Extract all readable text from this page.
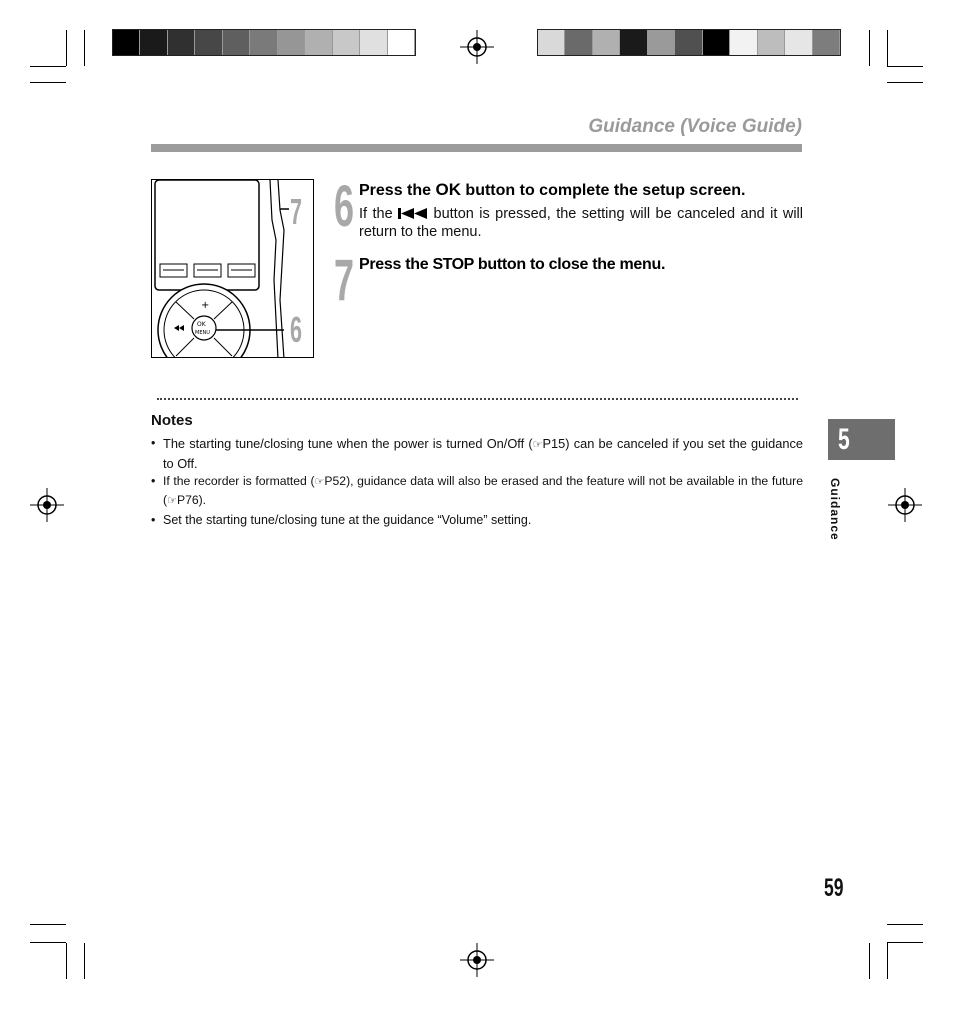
Guidance (Voice Guide)
+
OK
MENU
7
6
6 Press the OK button to complete the setup screen.
If the  button is pressed, the setting will be canceled and it will return to the menu.
7 Press the STOP button to close the menu.
Notes
• The starting tune/closing tune when the power is turned On/Off (☞P15) can be canceled if you set the guidance to Off.
• If the recorder is formatted (☞P52), guidance data will also be erased and the feature will not be available in the future (☞P76).
• Set the starting tune/closing tune at the guidance “Volume” setting.
5
Guidance
59
